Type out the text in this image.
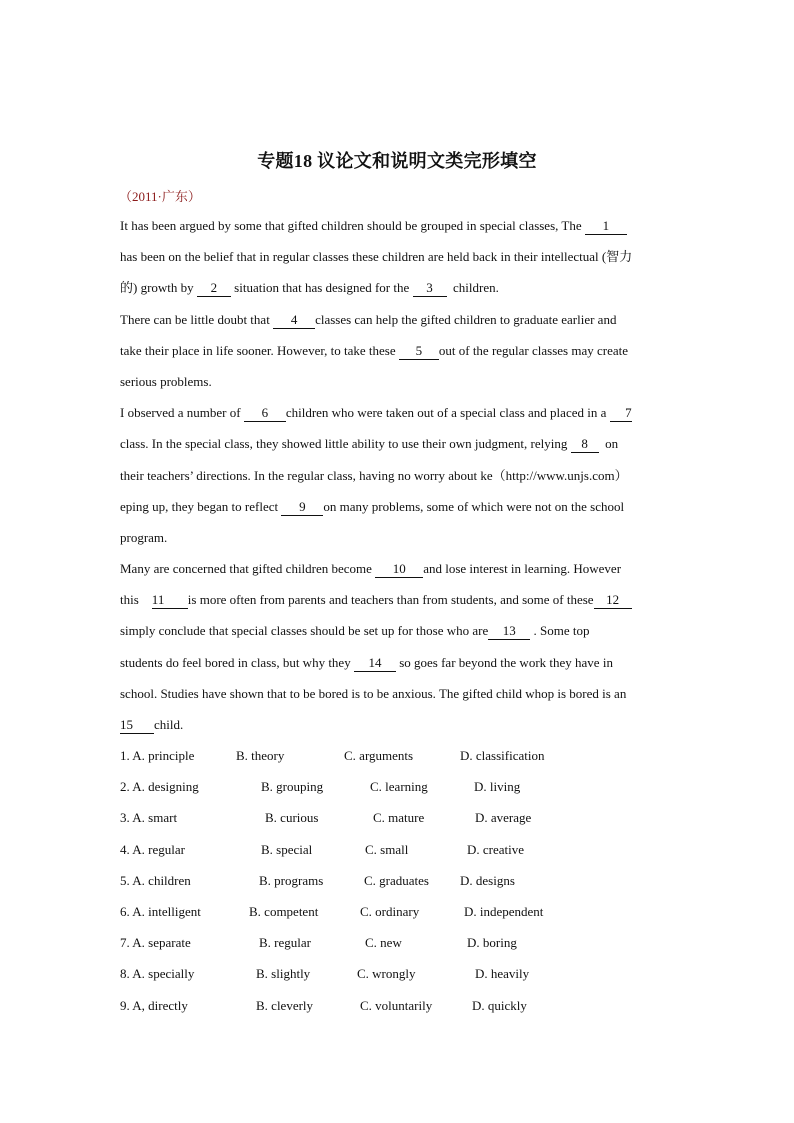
专题18 议论文和说明文类完形填空
（2011·广东）
It has been argued by some that gifted children should be grouped in special classes, The 1
has been on the belief that in regular classes these children are held back in their intellectual (智力
的) growth by 2 situation that has designed for the 3  children.
There can be little doubt that 4 classes can help the gifted children to graduate earlier and
take their place in life sooner. However, to take these 5 out of the regular classes may create
serious problems.
I observed a number of 6 children who were taken out of a special class and placed in a 7
class. In the special class, they showed little ability to use their own judgment, relying 8  on
their teachers’ directions. In the regular class, having no worry about ke（http://www.unjs.com）
eping up, they began to reflect 9 on many problems, some of which were not on the school
program.
Many are concerned that gifted children become 10 and lose interest in learning. However
this    11 is more often from parents and teachers than from students, and some of these 12
simply conclude that special classes should be set up for those who are 13 . Some top
students do feel bored in class, but why they 14 so goes far beyond the work they have in
school. Studies have shown that to be bored is to be anxious. The gifted child whop is bored is an
15 child.
1. A. principle	B. theory	C. arguments	D. classification
2. A. designing	B. grouping	C. learning	D. living
3. A. smart	B. curious	C. mature	D. average
4. A. regular	B. special	C. small	D. creative
5. A. children	B. programs	C. graduates D. designs
6. A. intelligent	B. competent	C. ordinary	D. independent
7. A. separate	B. regular	C. new	D. boring
8. A. specially	B. slightly	C. wrongly	D. heavily
9. A, directly	B. cleverly	C. voluntarily	D. quickly
